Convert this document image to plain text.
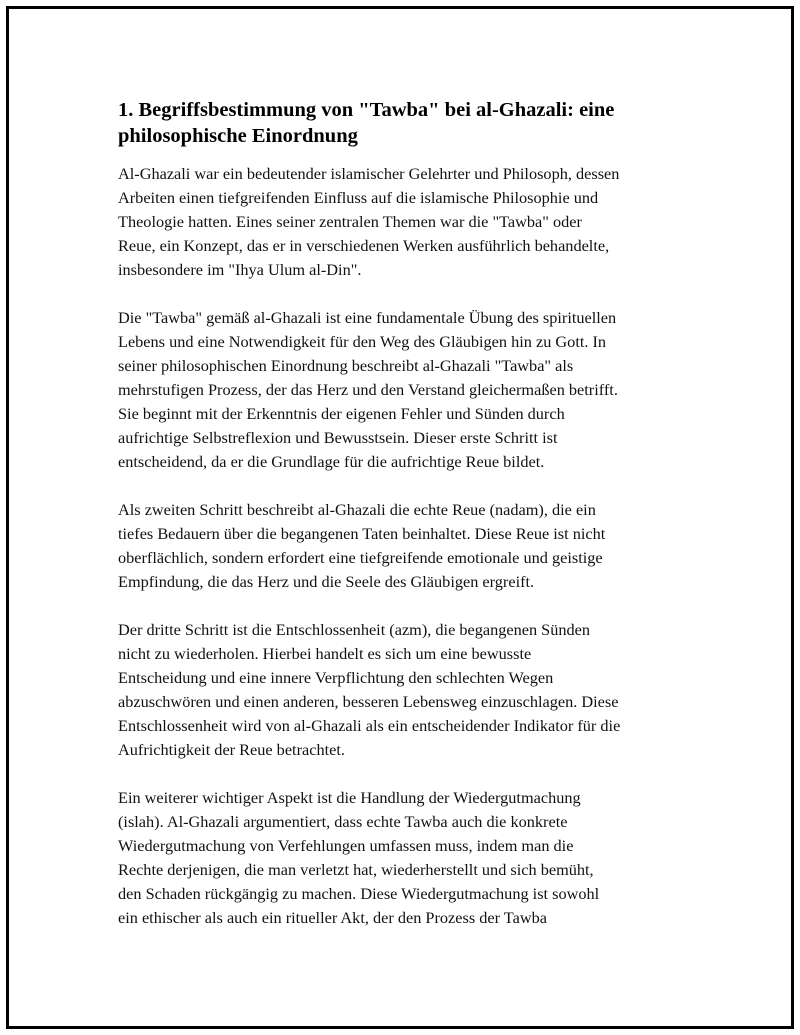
1. Begriffsbestimmung von "Tawba" bei al-Ghazali: eine
philosophische Einordnung

Al-Ghazali war ein bedeutender islamischer Gelehrter und Philosoph, dessen
Arbeiten einen tiefgreifenden Einfluss auf die islamische Philosophie und
Theologie hatten. Eines seiner zentralen Themen war die "Tawba" oder
Reue, ein Konzept, das er in verschiedenen Werken ausführlich behandelte,
insbesondere im "Ihya Ulum al-Din".

Die "Tawba" gemäß al-Ghazali ist eine fundamentale Übung des spirituellen
Lebens und eine Notwendigkeit für den Weg des Gläubigen hin zu Gott. In
seiner philosophischen Einordnung beschreibt al-Ghazali "Tawba" als
mehrstufigen Prozess, der das Herz und den Verstand gleichermaßen betrifft.
Sie beginnt mit der Erkenntnis der eigenen Fehler und Sünden durch
aufrichtige Selbstreflexion und Bewusstsein. Dieser erste Schritt ist
entscheidend, da er die Grundlage für die aufrichtige Reue bildet.

Als zweiten Schritt beschreibt al-Ghazali die echte Reue (nadam), die ein
tiefes Bedauern über die begangenen Taten beinhaltet. Diese Reue ist nicht
oberflächlich, sondern erfordert eine tiefgreifende emotionale und geistige
Empfindung, die das Herz und die Seele des Gläubigen ergreift.

Der dritte Schritt ist die Entschlossenheit (azm), die begangenen Sünden
nicht zu wiederholen. Hierbei handelt es sich um eine bewusste
Entscheidung und eine innere Verpflichtung den schlechten Wegen
abzuschwören und einen anderen, besseren Lebensweg einzuschlagen. Diese
Entschlossenheit wird von al-Ghazali als ein entscheidender Indikator für die
Aufrichtigkeit der Reue betrachtet.

Ein weiterer wichtiger Aspekt ist die Handlung der Wiedergutmachung
(islah). Al-Ghazali argumentiert, dass echte Tawba auch die konkrete
Wiedergutmachung von Verfehlungen umfassen muss, indem man die
Rechte derjenigen, die man verletzt hat, wiederherstellt und sich bemüht,
den Schaden rückgängig zu machen. Diese Wiedergutmachung ist sowohl
ein ethischer als auch ein ritueller Akt, der den Prozess der Tawba
